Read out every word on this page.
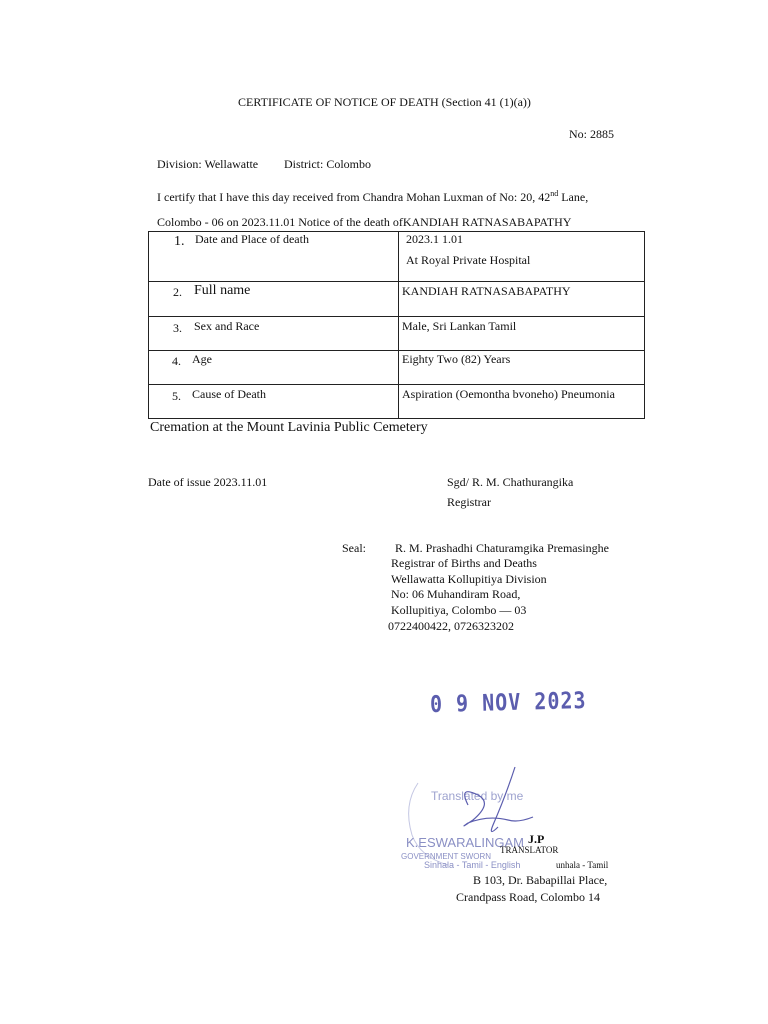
CERTIFICATE OF NOTICE OF DEATH (Section 41 (1)(a))
No: 2885
Division: Wellawatte District: Colombo
I certify that I have this day received from Chandra Mohan Luxman of No: 20, 42nd Lane,
Colombo - 06 on 2023.11.01 Notice of the death ofKANDIAH RATNASABAPATHY
1. Date and Place of death	2023.1 1.01
At Royal Private Hospital

2. Full name	KANDIAH RATNASABAPATHY

3. Sex and Race	Male, Sri Lankan Tamil

4. Age	Eighty Two (82) Years

5. Cause of Death	Aspiration (Oemontha bvoneho) Pneumonia
Cremation at the Mount Lavinia Public Cemetery
Date of issue 2023.11.01	Sgd/ R. M. Chathurangika
Registrar
Seal: R. M. Prashadhi Chaturamgika Premasinghe
Registrar of Births and Deaths
Wellawatta Kollupitiya Division
No: 06 Muhandiram Road,
Kollupitiya, Colombo — 03
0722400422, 0726323202
0 9 NOV 2023
Translated by me
K.ESWARALINGAM
GOVERNMENT SWORN
Sinhala - Tamil - English
J.P
TRANSLATOR
unhala - Tamil
B 103, Dr. Babapillai Place,
Crandpass Road, Colombo 14
